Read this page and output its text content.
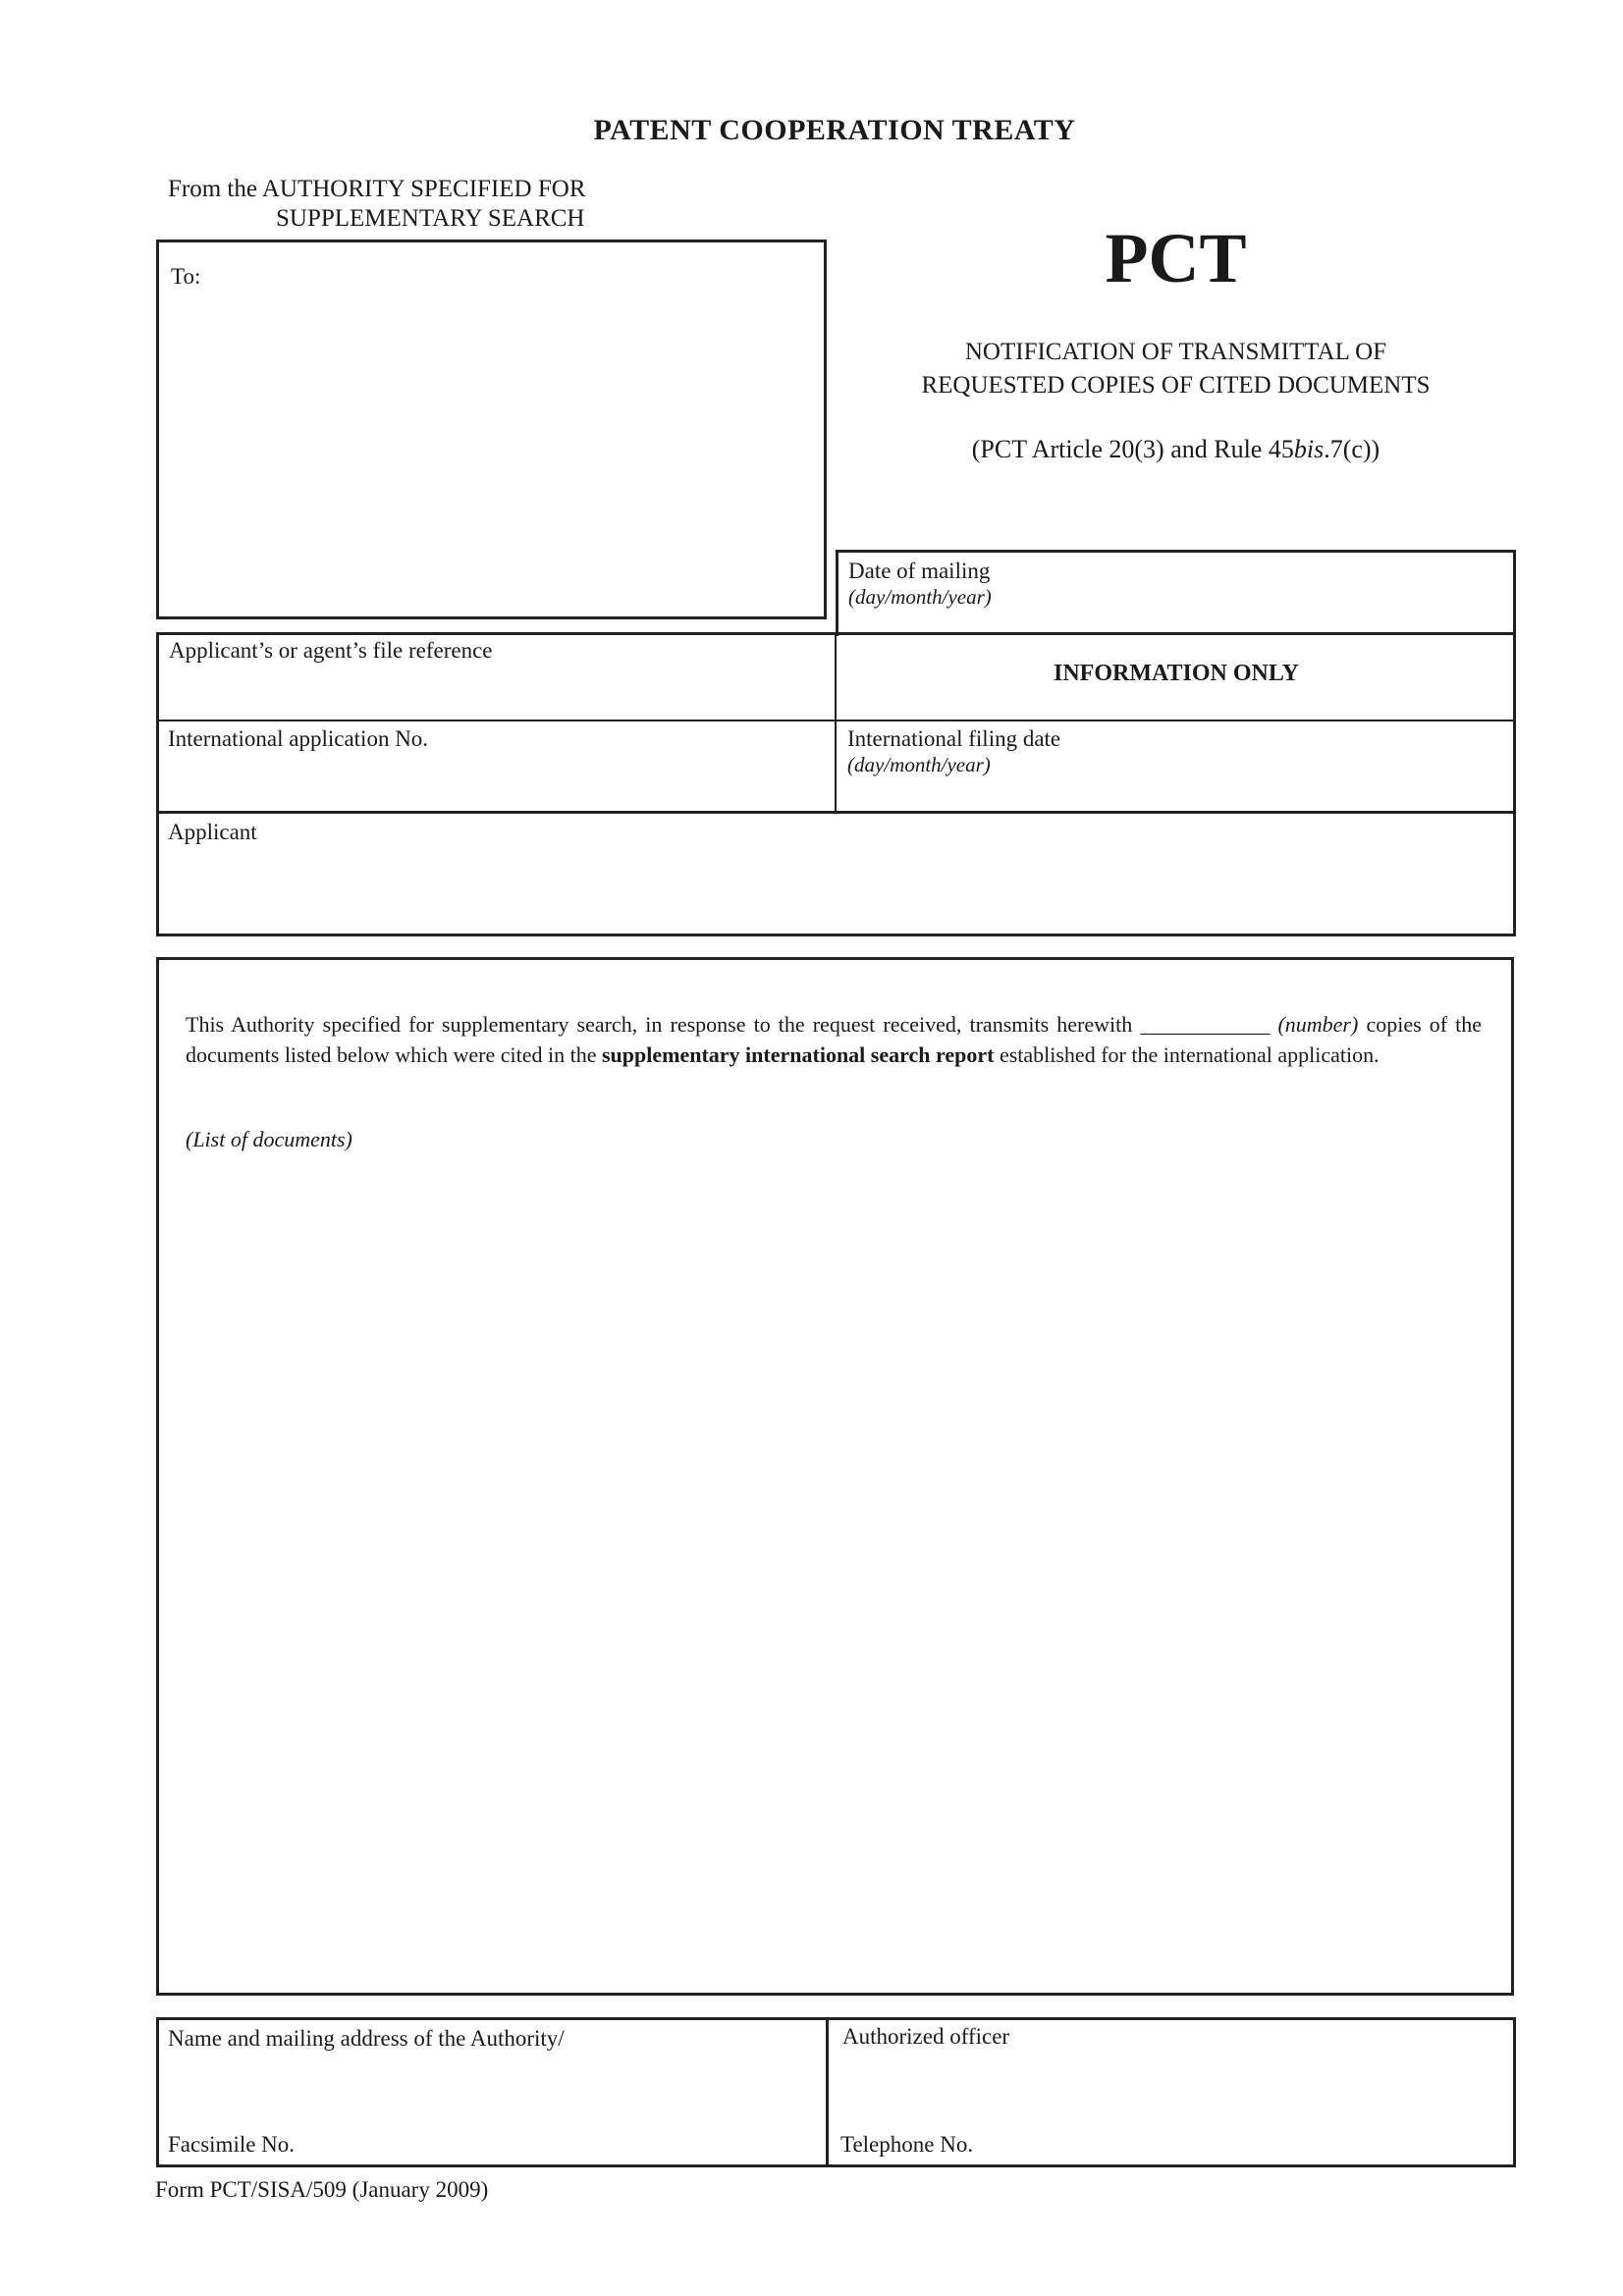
PATENT COOPERATION TREATY
From the AUTHORITY SPECIFIED FOR
SUPPLEMENTARY SEARCH
To:	PCT
NOTIFICATION OF TRANSMITTAL OF
REQUESTED COPIES OF CITED DOCUMENTS
(PCT Article 20(3) and Rule 45bis.7(c))
Date of mailing
(day/month/year)
Applicant’s or agent’s file reference
INFORMATION ONLY
International application No.	International filing date
(day/month/year)
Applicant
This Authority specified for supplementary search, in response to the request received, transmits herewith ____________ (number) copies of the documents listed below which were cited in the supplementary international search report established for the international application.
(List of documents)
Name and mailing address of the Authority/
Facsimile No.
Authorized officer
Telephone No.
Form PCT/SISA/509 (January 2009)
